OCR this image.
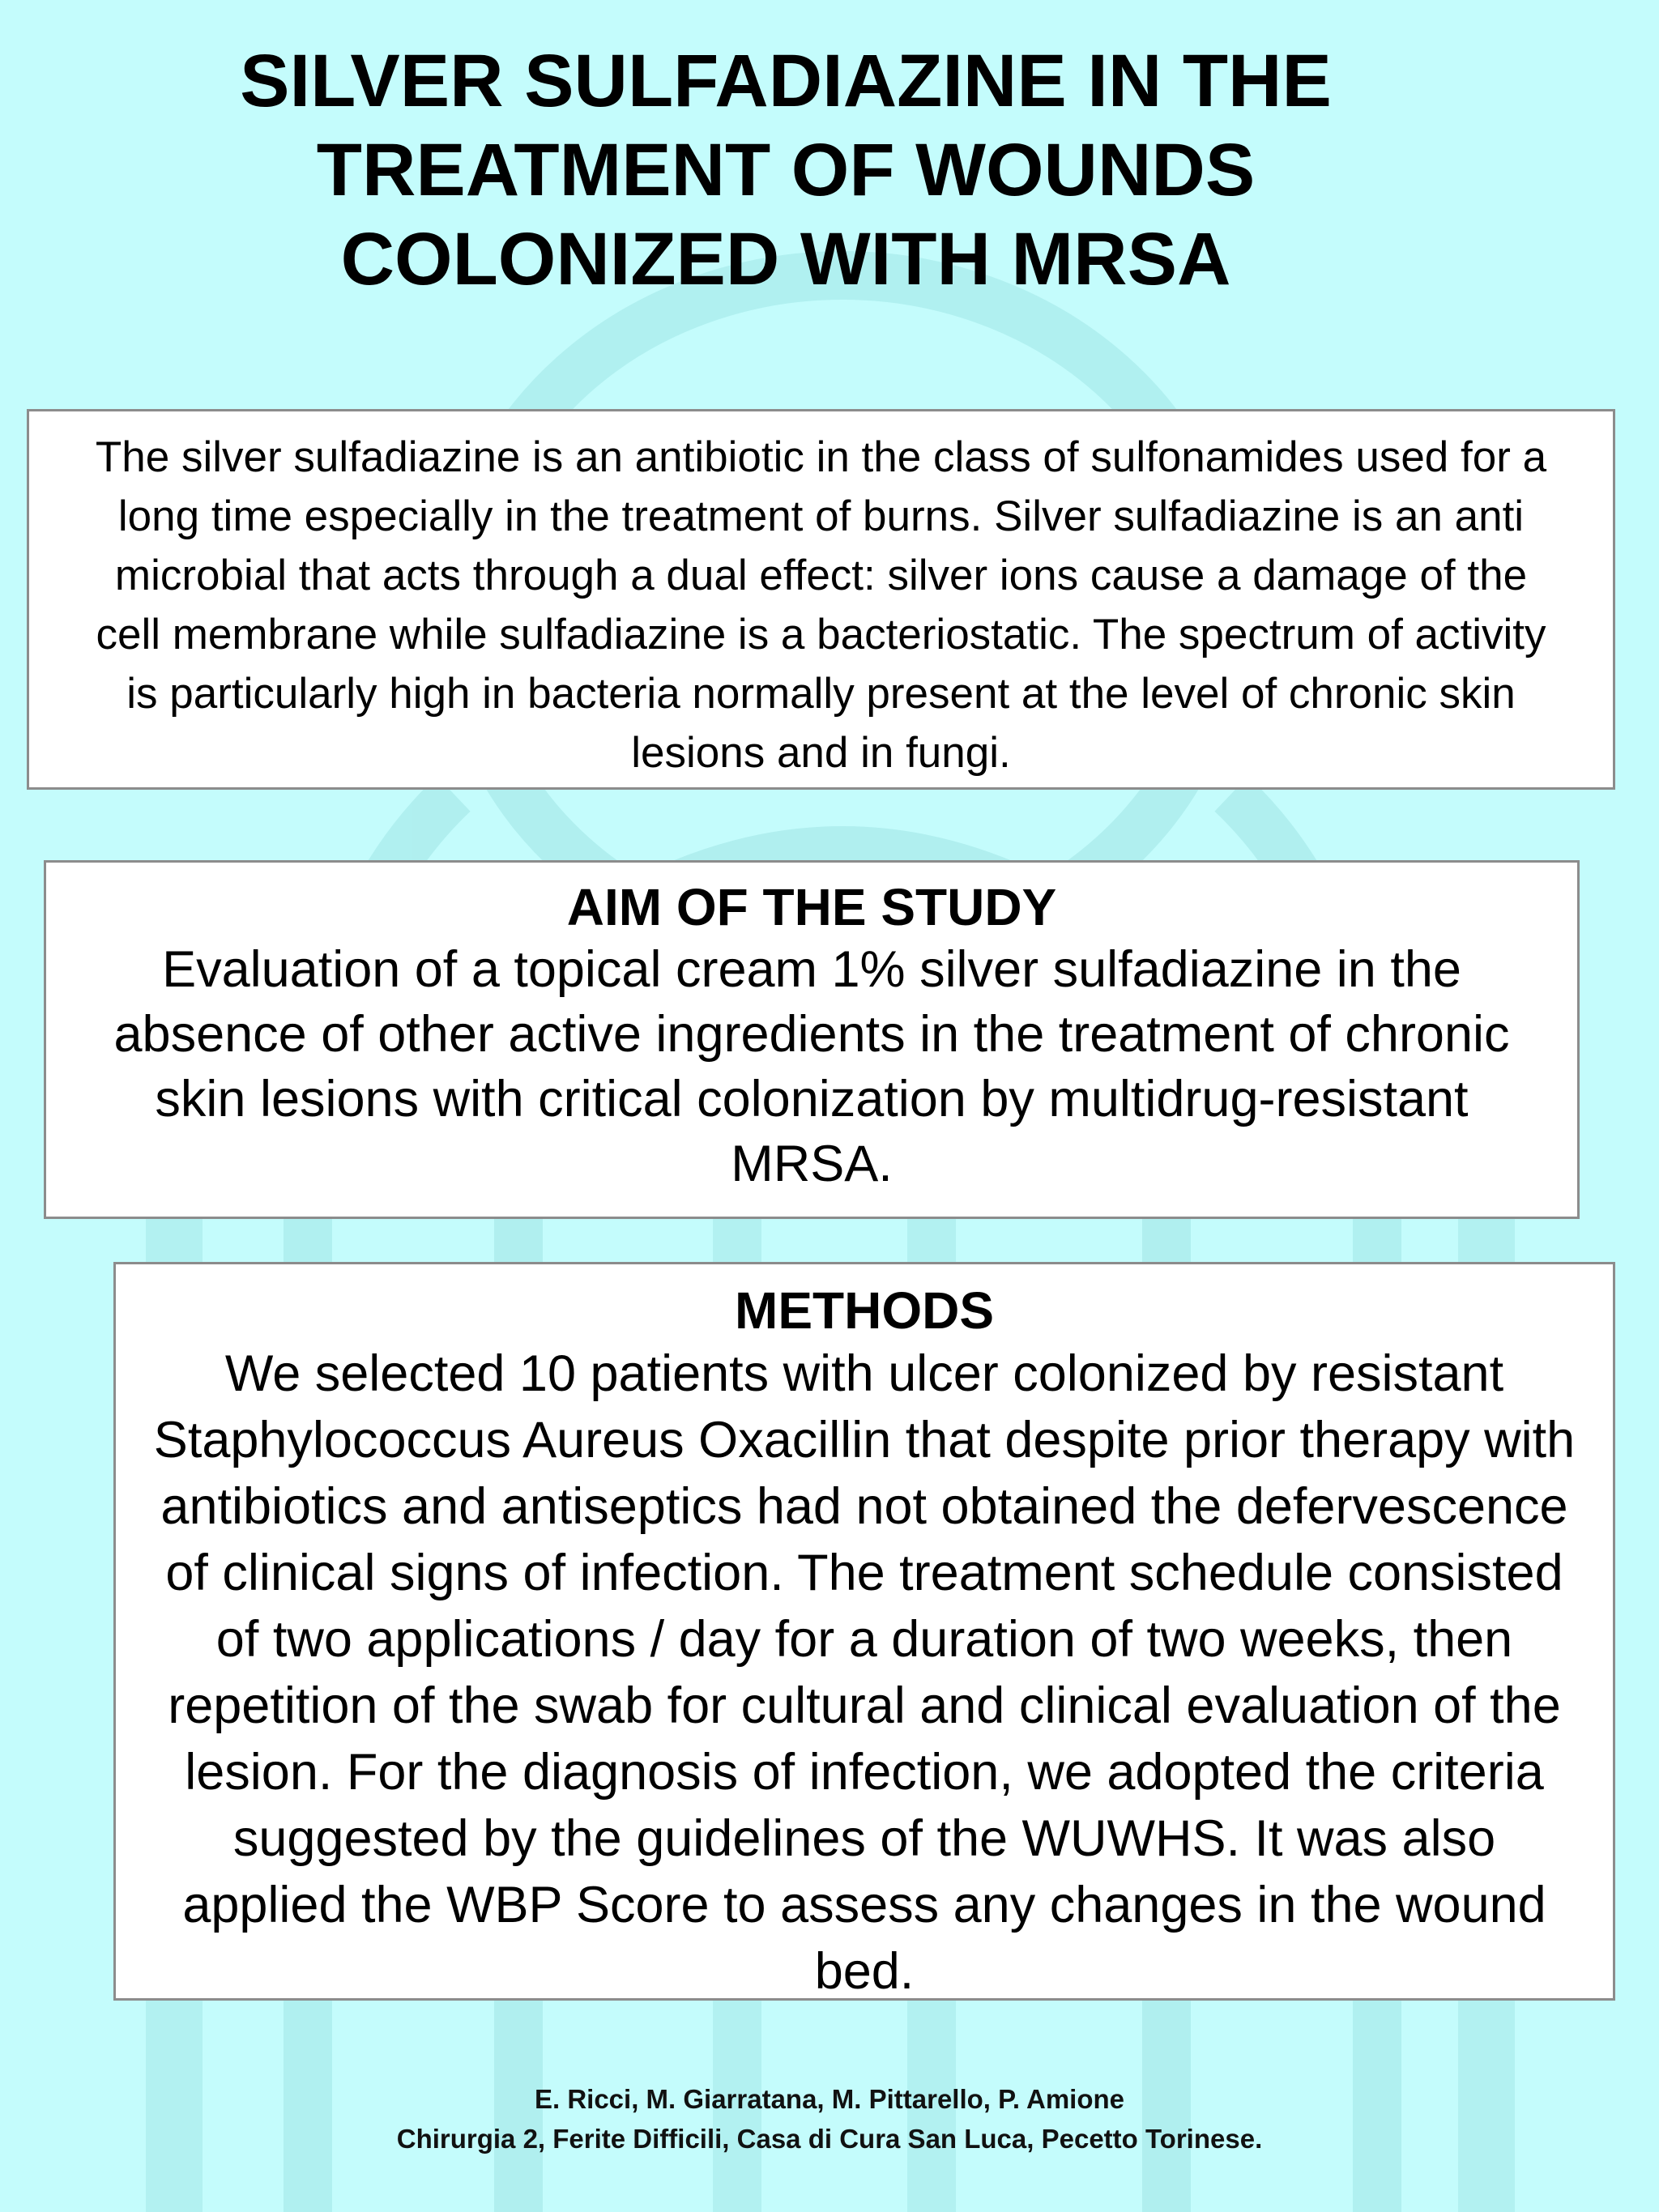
SILVER SULFADIAZINE IN THE
TREATMENT OF WOUNDS
COLONIZED WITH MRSA

The silver sulfadiazine is an antibiotic in the class of sulfonamides used for a long time especially in the treatment of burns. Silver sulfadiazine is an anti microbial that acts through a dual effect: silver ions cause a damage of the cell membrane while sulfadiazine is a bacteriostatic. The spectrum of activity is particularly high in bacteria normally present at the level of chronic skin lesions and in fungi.

AIM OF THE STUDY

Evaluation of a topical cream 1% silver sulfadiazine in the absence of other active ingredients in the treatment of chronic skin lesions with critical colonization by multidrug-resistant MRSA.

METHODS

We selected 10 patients with ulcer colonized by resistant Staphylococcus Aureus Oxacillin that despite prior therapy with antibiotics and antiseptics had not obtained the defervescence of clinical signs of infection. The treatment schedule consisted of two applications / day for a duration of two weeks, then repetition of the swab for cultural and clinical evaluation of the lesion. For the diagnosis of infection, we adopted the criteria suggested by the guidelines of the WUWHS. It was also applied the WBP Score to assess any changes in the wound bed.

E. Ricci, M. Giarratana, M. Pittarello, P. Amione

Chirurgia 2, Ferite Difficili, Casa di Cura San Luca, Pecetto Torinese.
